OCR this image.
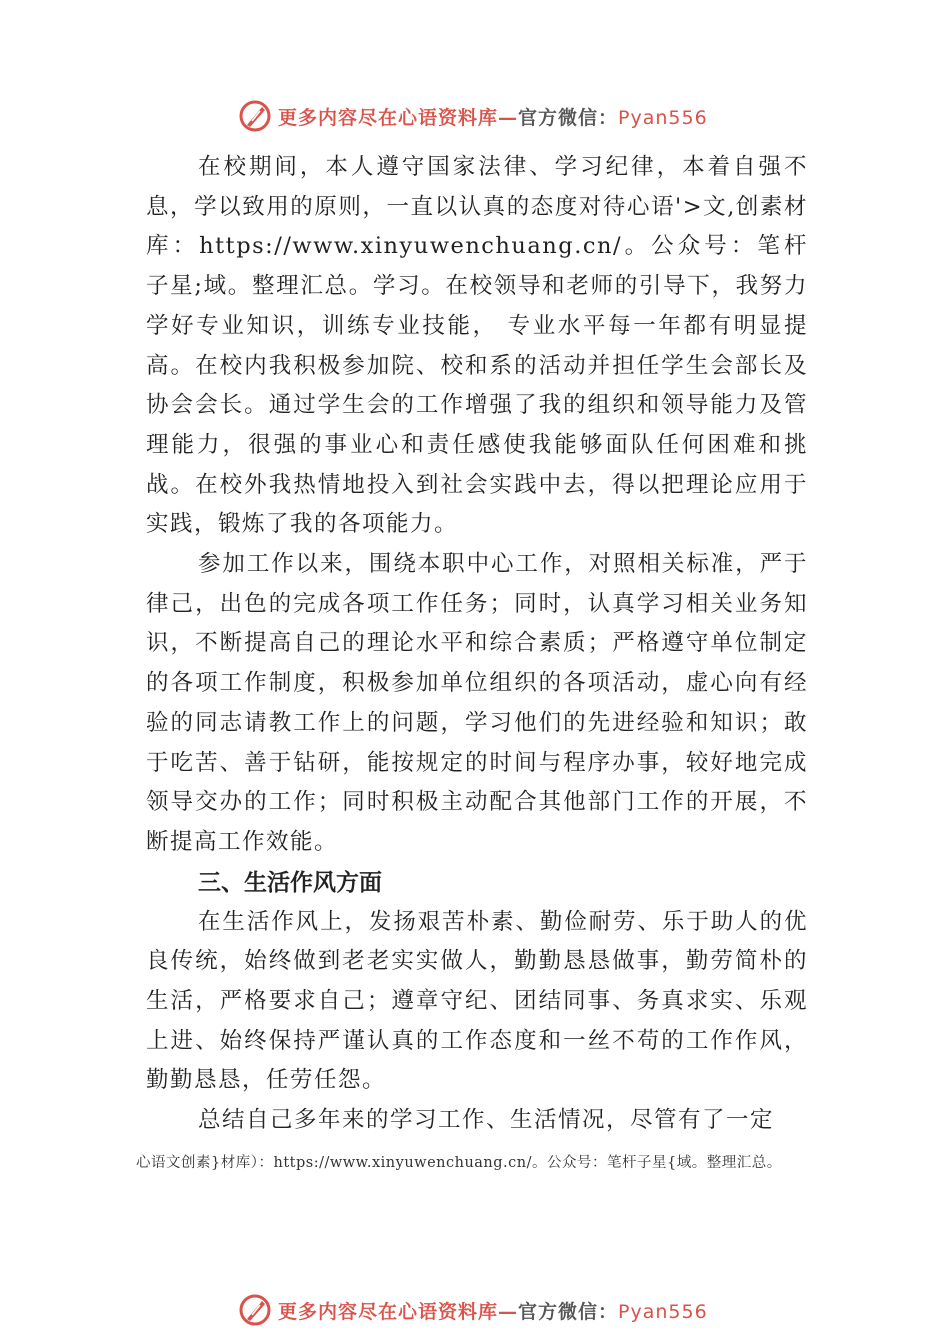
更多内容尽在心语资料库—官方微信：Pyan556

在校期间，本人遵守国家法律、学习纪律，本着自强不息，学以致用的原则，一直以认真的态度对待心语'>文,创素材库：https://www.xinyuwenchuang.cn/。公众号：笔杆子星;域。整理汇总。学习。在校领导和老师的引导下，我努力学好专业知识，训练专业技能， 专业水平每一年都有明显提高。在校内我积极参加院、校和系的活动并担任学生会部长及协会会长。通过学生会的工作增强了我的组织和领导能力及管理能力，很强的事业心和责任感使我能够面队任何困难和挑战。在校外我热情地投入到社会实践中去，得以把理论应用于实践，锻炼了我的各项能力。

参加工作以来，围绕本职中心工作，对照相关标准，严于律己，出色的完成各项工作任务；同时，认真学习相关业务知识，不断提高自己的理论水平和综合素质；严格遵守单位制定的各项工作制度，积极参加单位组织的各项活动，虚心向有经验的同志请教工作上的问题，学习他们的先进经验和知识；敢于吃苦、善于钻研，能按规定的时间与程序办事，较好地完成领导交办的工作；同时积极主动配合其他部门工作的开展，不断提高工作效能。

三、生活作风方面

在生活作风上，发扬艰苦朴素、勤俭耐劳、乐于助人的优良传统，始终做到老老实实做人，勤勤恳恳做事，勤劳简朴的生活，严格要求自己；遵章守纪、团结同事、务真求实、乐观上进、始终保持严谨认真的工作态度和一丝不苟的工作作风，勤勤恳恳，任劳任怨。

总结自己多年来的学习工作、生活情况，尽管有了一定

心语文创素}材库）：https://www.xinyuwenchuang.cn/。公众号：笔杆子星{域。整理汇总。
更多内容尽在心语资料库—官方微信：Pyan556
